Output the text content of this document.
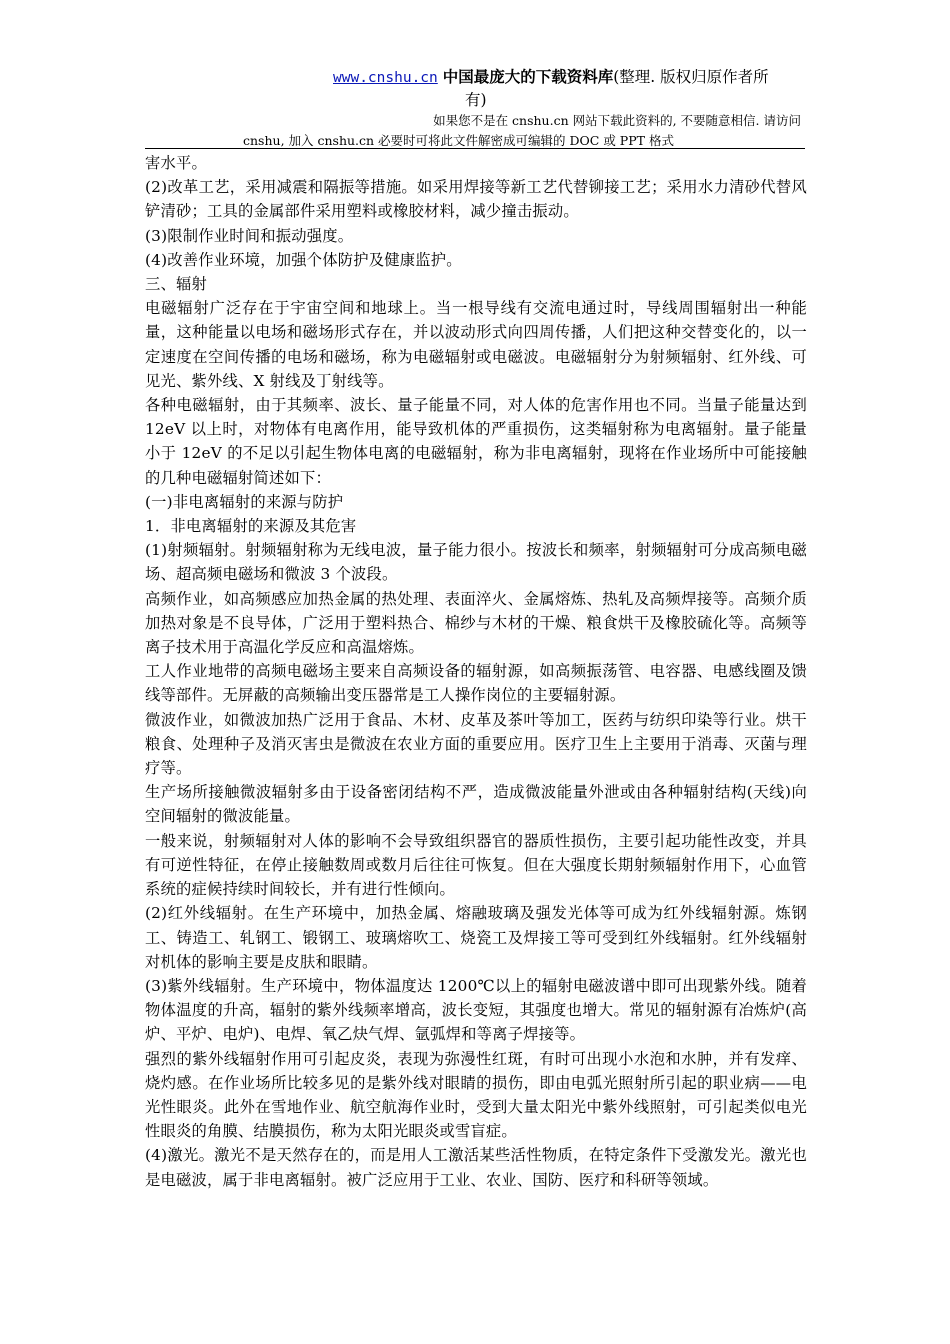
www.cnshu.cn 中国最庞大的下载资料库(整理. 版权归原作者所
有)
如果您不是在 cnshu.cn 网站下载此资料的, 不要随意相信. 请访问
cnshu, 加入 cnshu.cn 必要时可将此文件解密成可编辑的 DOC 或 PPT 格式

害水平。

(2)改革工艺，采用减震和隔振等措施。如采用焊接等新工艺代替铆接工艺；采用水力清砂代替风铲清砂；工具的金属部件采用塑料或橡胶材料，减少撞击振动。

(3)限制作业时间和振动强度。

(4)改善作业环境，加强个体防护及健康监护。

三、辐射

电磁辐射广泛存在于宇宙空间和地球上。当一根导线有交流电通过时，导线周围辐射出一种能量，这种能量以电场和磁场形式存在，并以波动形式向四周传播，人们把这种交替变化的，以一定速度在空间传播的电场和磁场，称为电磁辐射或电磁波。电磁辐射分为射频辐射、红外线、可见光、紫外线、X 射线及丁射线等。

各种电磁辐射，由于其频率、波长、量子能量不同，对人体的危害作用也不同。当量子能量达到 12eV 以上时，对物体有电离作用，能导致机体的严重损伤，这类辐射称为电离辐射。量子能量小于 12eV 的不足以引起生物体电离的电磁辐射，称为非电离辐射，现将在作业场所中可能接触的几种电磁辐射简述如下：

(一)非电离辐射的来源与防护

1．非电离辐射的来源及其危害

(1)射频辐射。射频辐射称为无线电波，量子能力很小。按波长和频率，射频辐射可分成高频电磁场、超高频电磁场和微波 3 个波段。

高频作业，如高频感应加热金属的热处理、表面淬火、金属熔炼、热轧及高频焊接等。高频介质加热对象是不良导体，广泛用于塑料热合、棉纱与木材的干燥、粮食烘干及橡胶硫化等。高频等离子技术用于高温化学反应和高温熔炼。

工人作业地带的高频电磁场主要来自高频设备的辐射源，如高频振荡管、电容器、电感线圈及馈线等部件。无屏蔽的高频输出变压器常是工人操作岗位的主要辐射源。

微波作业，如微波加热广泛用于食品、木材、皮革及茶叶等加工，医药与纺织印染等行业。烘干粮食、处理种子及消灭害虫是微波在农业方面的重要应用。医疗卫生上主要用于消毒、灭菌与理疗等。

生产场所接触微波辐射多由于设备密闭结构不严，造成微波能量外泄或由各种辐射结构(天线)向空间辐射的微波能量。

一般来说，射频辐射对人体的影响不会导致组织器官的器质性损伤，主要引起功能性改变，并具有可逆性特征，在停止接触数周或数月后往往可恢复。但在大强度长期射频辐射作用下，心血管系统的症候持续时间较长，并有进行性倾向。

(2)红外线辐射。在生产环境中，加热金属、熔融玻璃及强发光体等可成为红外线辐射源。炼钢工、铸造工、轧钢工、锻钢工、玻璃熔吹工、烧瓷工及焊接工等可受到红外线辐射。红外线辐射对机体的影响主要是皮肤和眼睛。

(3)紫外线辐射。生产环境中，物体温度达 1200℃以上的辐射电磁波谱中即可出现紫外线。随着物体温度的升高，辐射的紫外线频率增高，波长变短，其强度也增大。常见的辐射源有冶炼炉(高炉、平炉、电炉)、电焊、氧乙炔气焊、氩弧焊和等离子焊接等。

强烈的紫外线辐射作用可引起皮炎，表现为弥漫性红斑，有时可出现小水泡和水肿，并有发痒、烧灼感。在作业场所比较多见的是紫外线对眼睛的损伤，即由电弧光照射所引起的职业病——电光性眼炎。此外在雪地作业、航空航海作业时，受到大量太阳光中紫外线照射，可引起类似电光性眼炎的角膜、结膜损伤，称为太阳光眼炎或雪盲症。

(4)激光。激光不是天然存在的，而是用人工激活某些活性物质，在特定条件下受激发光。激光也是电磁波，属于非电离辐射。被广泛应用于工业、农业、国防、医疗和科研等领域。
